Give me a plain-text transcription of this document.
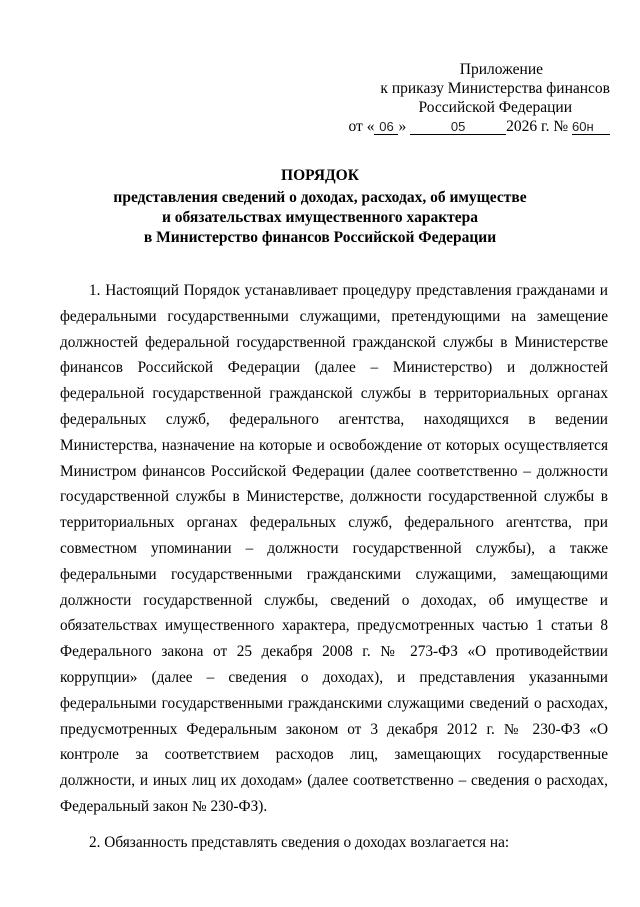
Приложение
к приказу Министерства финансов
Российской Федерации
от « 06 »	05	2026 г. № 60н
ПОРЯДОК
представления сведений о доходах, расходах, об имуществе
и обязательствах имущественного характера
в Министерство финансов Российской Федерации

1. Настоящий Порядок устанавливает процедуру представления гражданами и федеральными государственными служащими, претендующими на замещение должностей федеральной государственной гражданской службы в Министерстве финансов Российской Федерации (далее – Министерство) и должностей федеральной государственной гражданской службы в территориальных органах федеральных служб, федерального агентства, находящихся в ведении Министерства, назначение на которые и освобождение от которых осуществляется Министром финансов Российской Федерации (далее соответственно – должности государственной службы в Министерстве, должности государственной службы в территориальных органах федеральных служб, федерального агентства, при совместном упоминании – должности государственной службы), а также федеральными государственными гражданскими служащими, замещающими должности государственной службы, сведений о доходах, об имуществе и обязательствах имущественного характера, предусмотренных частью 1 статьи 8 Федерального закона от 25 декабря 2008 г. № 273-ФЗ «О противодействии коррупции» (далее – сведения о доходах), и представления указанными федеральными государственными гражданскими служащими сведений о расходах, предусмотренных Федеральным законом от 3 декабря 2012 г. № 230-ФЗ «О контроле за соответствием расходов лиц, замещающих государственные должности, и иных лиц их доходам» (далее соответственно – сведения о расходах, Федеральный закон № 230-ФЗ).

2. Обязанность представлять сведения о доходах возлагается на:
